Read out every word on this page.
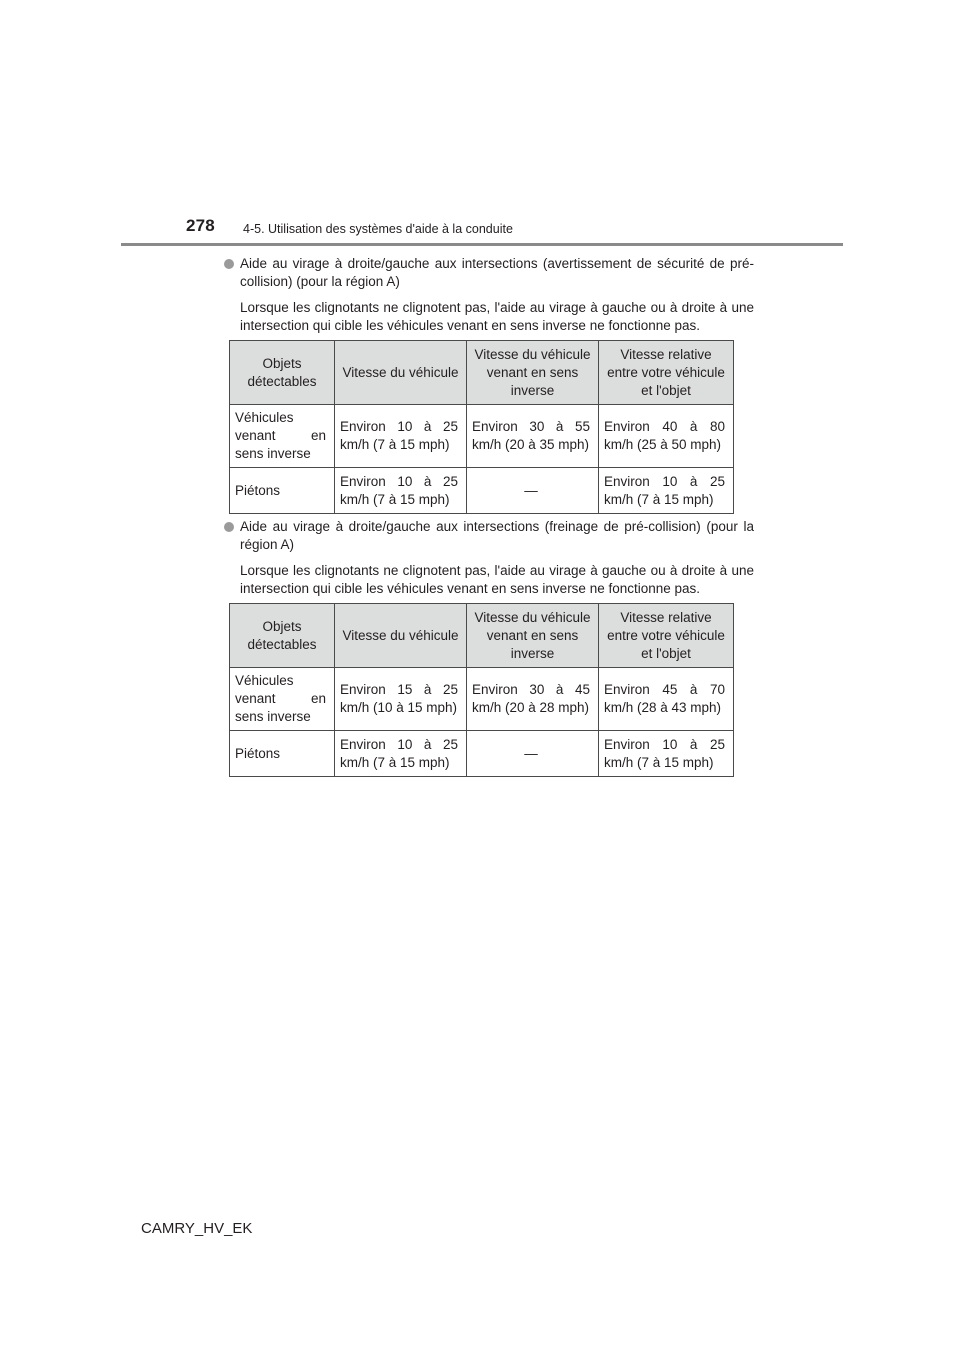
278 4-5. Utilisation des systèmes d'aide à la conduite
Aide au virage à droite/gauche aux intersections (avertissement de sécurité de pré-collision) (pour la région A)
Lorsque les clignotants ne clignotent pas, l'aide au virage à gauche ou à droite à une intersection qui cible les véhicules venant en sens inverse ne fonctionne pas.
Objets détectables	Vitesse du véhicule	Vitesse du véhicule venant en sens inverse	Vitesse relative entre votre véhicule et l'objet
Véhicules venant en sens inverse	Environ 10 à 25 km/h (7 à 15 mph)	Environ 30 à 55 km/h (20 à 35 mph)	Environ 40 à 80 km/h (25 à 50 mph)
Piétons	Environ 10 à 25 km/h (7 à 15 mph)	—	Environ 10 à 25 km/h (7 à 15 mph)
Aide au virage à droite/gauche aux intersections (freinage de pré-collision) (pour la région A)
Lorsque les clignotants ne clignotent pas, l'aide au virage à gauche ou à droite à une intersection qui cible les véhicules venant en sens inverse ne fonctionne pas.
Objets détectables	Vitesse du véhicule	Vitesse du véhicule venant en sens inverse	Vitesse relative entre votre véhicule et l'objet
Véhicules venant en sens inverse	Environ 15 à 25 km/h (10 à 15 mph)	Environ 30 à 45 km/h (20 à 28 mph)	Environ 45 à 70 km/h (28 à 43 mph)
Piétons	Environ 10 à 25 km/h (7 à 15 mph)	—	Environ 10 à 25 km/h (7 à 15 mph)
CAMRY_HV_EK
